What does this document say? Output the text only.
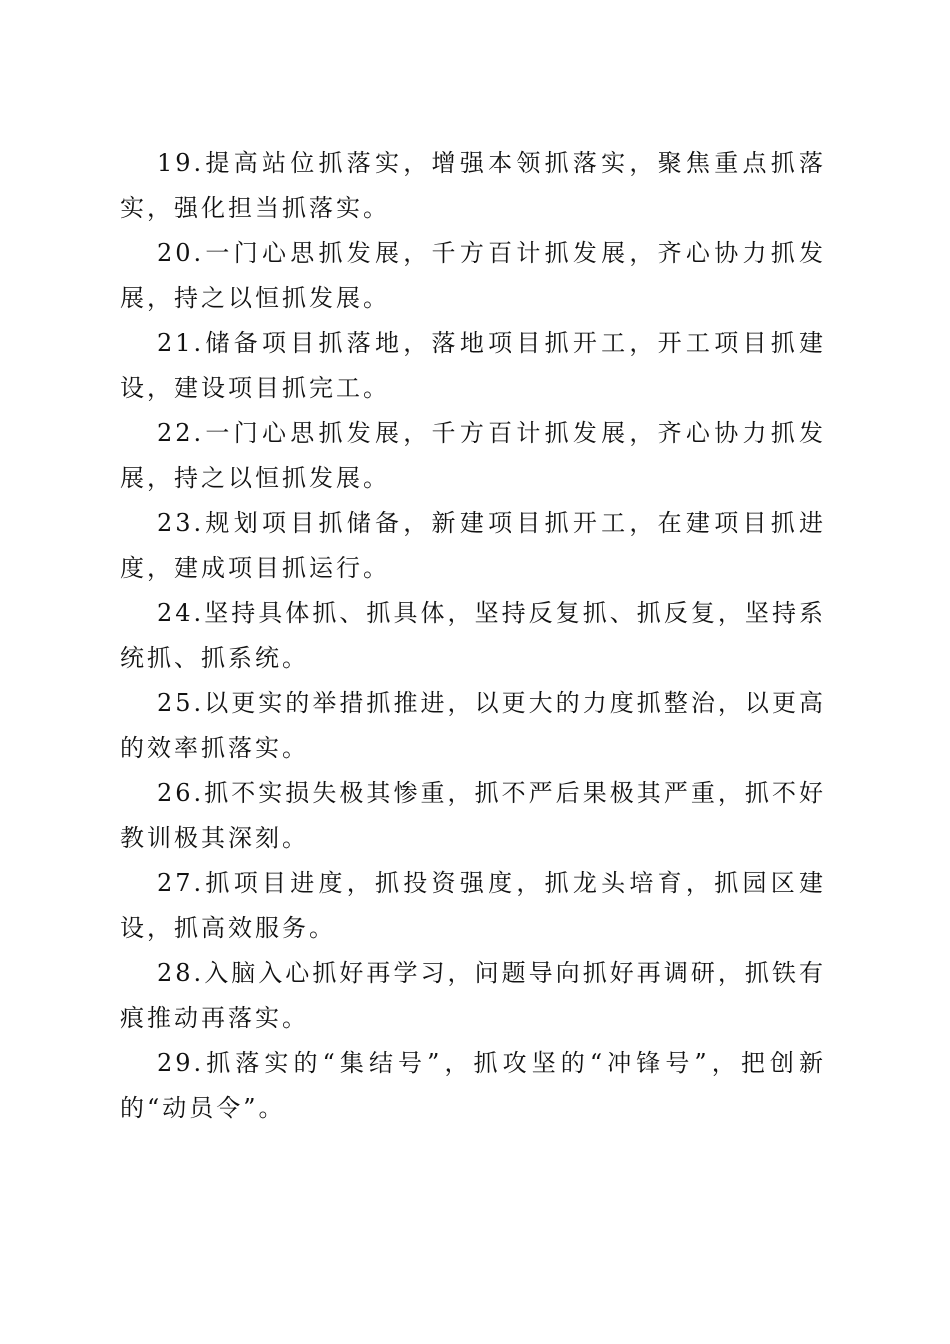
19.提高站位抓落实，增强本领抓落实，聚焦重点抓落实，强化担当抓落实。

20.一门心思抓发展，千方百计抓发展，齐心协力抓发展，持之以恒抓发展。

21.储备项目抓落地，落地项目抓开工，开工项目抓建设，建设项目抓完工。

22.一门心思抓发展，千方百计抓发展，齐心协力抓发展，持之以恒抓发展。

23.规划项目抓储备，新建项目抓开工，在建项目抓进度，建成项目抓运行。

24.坚持具体抓、抓具体，坚持反复抓、抓反复，坚持系统抓、抓系统。

25.以更实的举措抓推进，以更大的力度抓整治，以更高的效率抓落实。

26.抓不实损失极其惨重，抓不严后果极其严重，抓不好教训极其深刻。

27.抓项目进度，抓投资强度，抓龙头培育，抓园区建设，抓高效服务。

28.入脑入心抓好再学习，问题导向抓好再调研，抓铁有痕推动再落实。

29.抓落实的“集结号”，抓攻坚的“冲锋号”，把创新的“动员令”。
